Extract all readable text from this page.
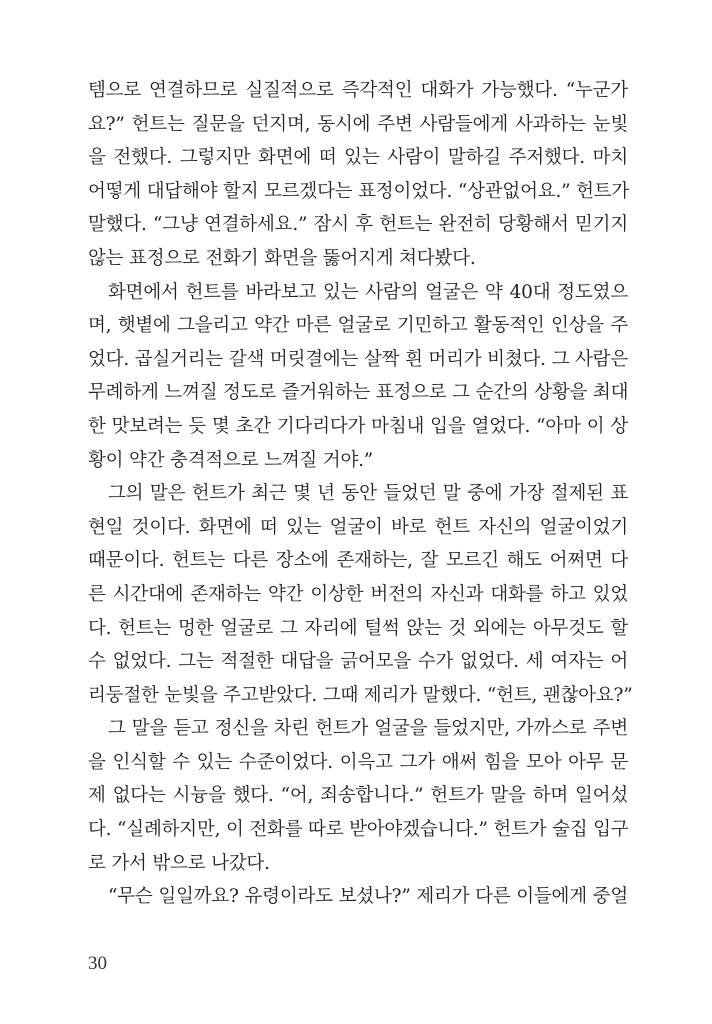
템으로 연결하므로 실질적으로 즉각적인 대화가 가능했다. “누군가
요?” 헌트는 질문을 던지며, 동시에 주변 사람들에게 사과하는 눈빛
을 전했다. 그렇지만 화면에 떠 있는 사람이 말하길 주저했다. 마치
어떻게 대답해야 할지 모르겠다는 표정이었다. “상관없어요.” 헌트가
말했다. “그냥 연결하세요.” 잠시 후 헌트는 완전히 당황해서 믿기지
않는 표정으로 전화기 화면을 뚫어지게 쳐다봤다.
화면에서 헌트를 바라보고 있는 사람의 얼굴은 약 40대 정도였으
며, 햇볕에 그을리고 약간 마른 얼굴로 기민하고 활동적인 인상을 주
었다. 곱실거리는 갈색 머릿결에는 살짝 흰 머리가 비쳤다. 그 사람은
무례하게 느껴질 정도로 즐거워하는 표정으로 그 순간의 상황을 최대
한 맛보려는 듯 몇 초간 기다리다가 마침내 입을 열었다. “아마 이 상
황이 약간 충격적으로 느껴질 거야.”
그의 말은 헌트가 최근 몇 년 동안 들었던 말 중에 가장 절제된 표
현일 것이다. 화면에 떠 있는 얼굴이 바로 헌트 자신의 얼굴이었기
때문이다. 헌트는 다른 장소에 존재하는, 잘 모르긴 해도 어쩌면 다
른 시간대에 존재하는 약간 이상한 버전의 자신과 대화를 하고 있었
다. 헌트는 멍한 얼굴로 그 자리에 털썩 앉는 것 외에는 아무것도 할
수 없었다. 그는 적절한 대답을 긁어모을 수가 없었다. 세 여자는 어
리둥절한 눈빛을 주고받았다. 그때 제리가 말했다. “헌트, 괜찮아요?”
그 말을 듣고 정신을 차린 헌트가 얼굴을 들었지만, 가까스로 주변
을 인식할 수 있는 수준이었다. 이윽고 그가 애써 힘을 모아 아무 문
제 없다는 시늉을 했다. “어, 죄송합니다.” 헌트가 말을 하며 일어섰
다. “실례하지만, 이 전화를 따로 받아야겠습니다.” 헌트가 술집 입구
로 가서 밖으로 나갔다.
“무슨 일일까요? 유령이라도 보셨나?” 제리가 다른 이들에게 중얼
30
